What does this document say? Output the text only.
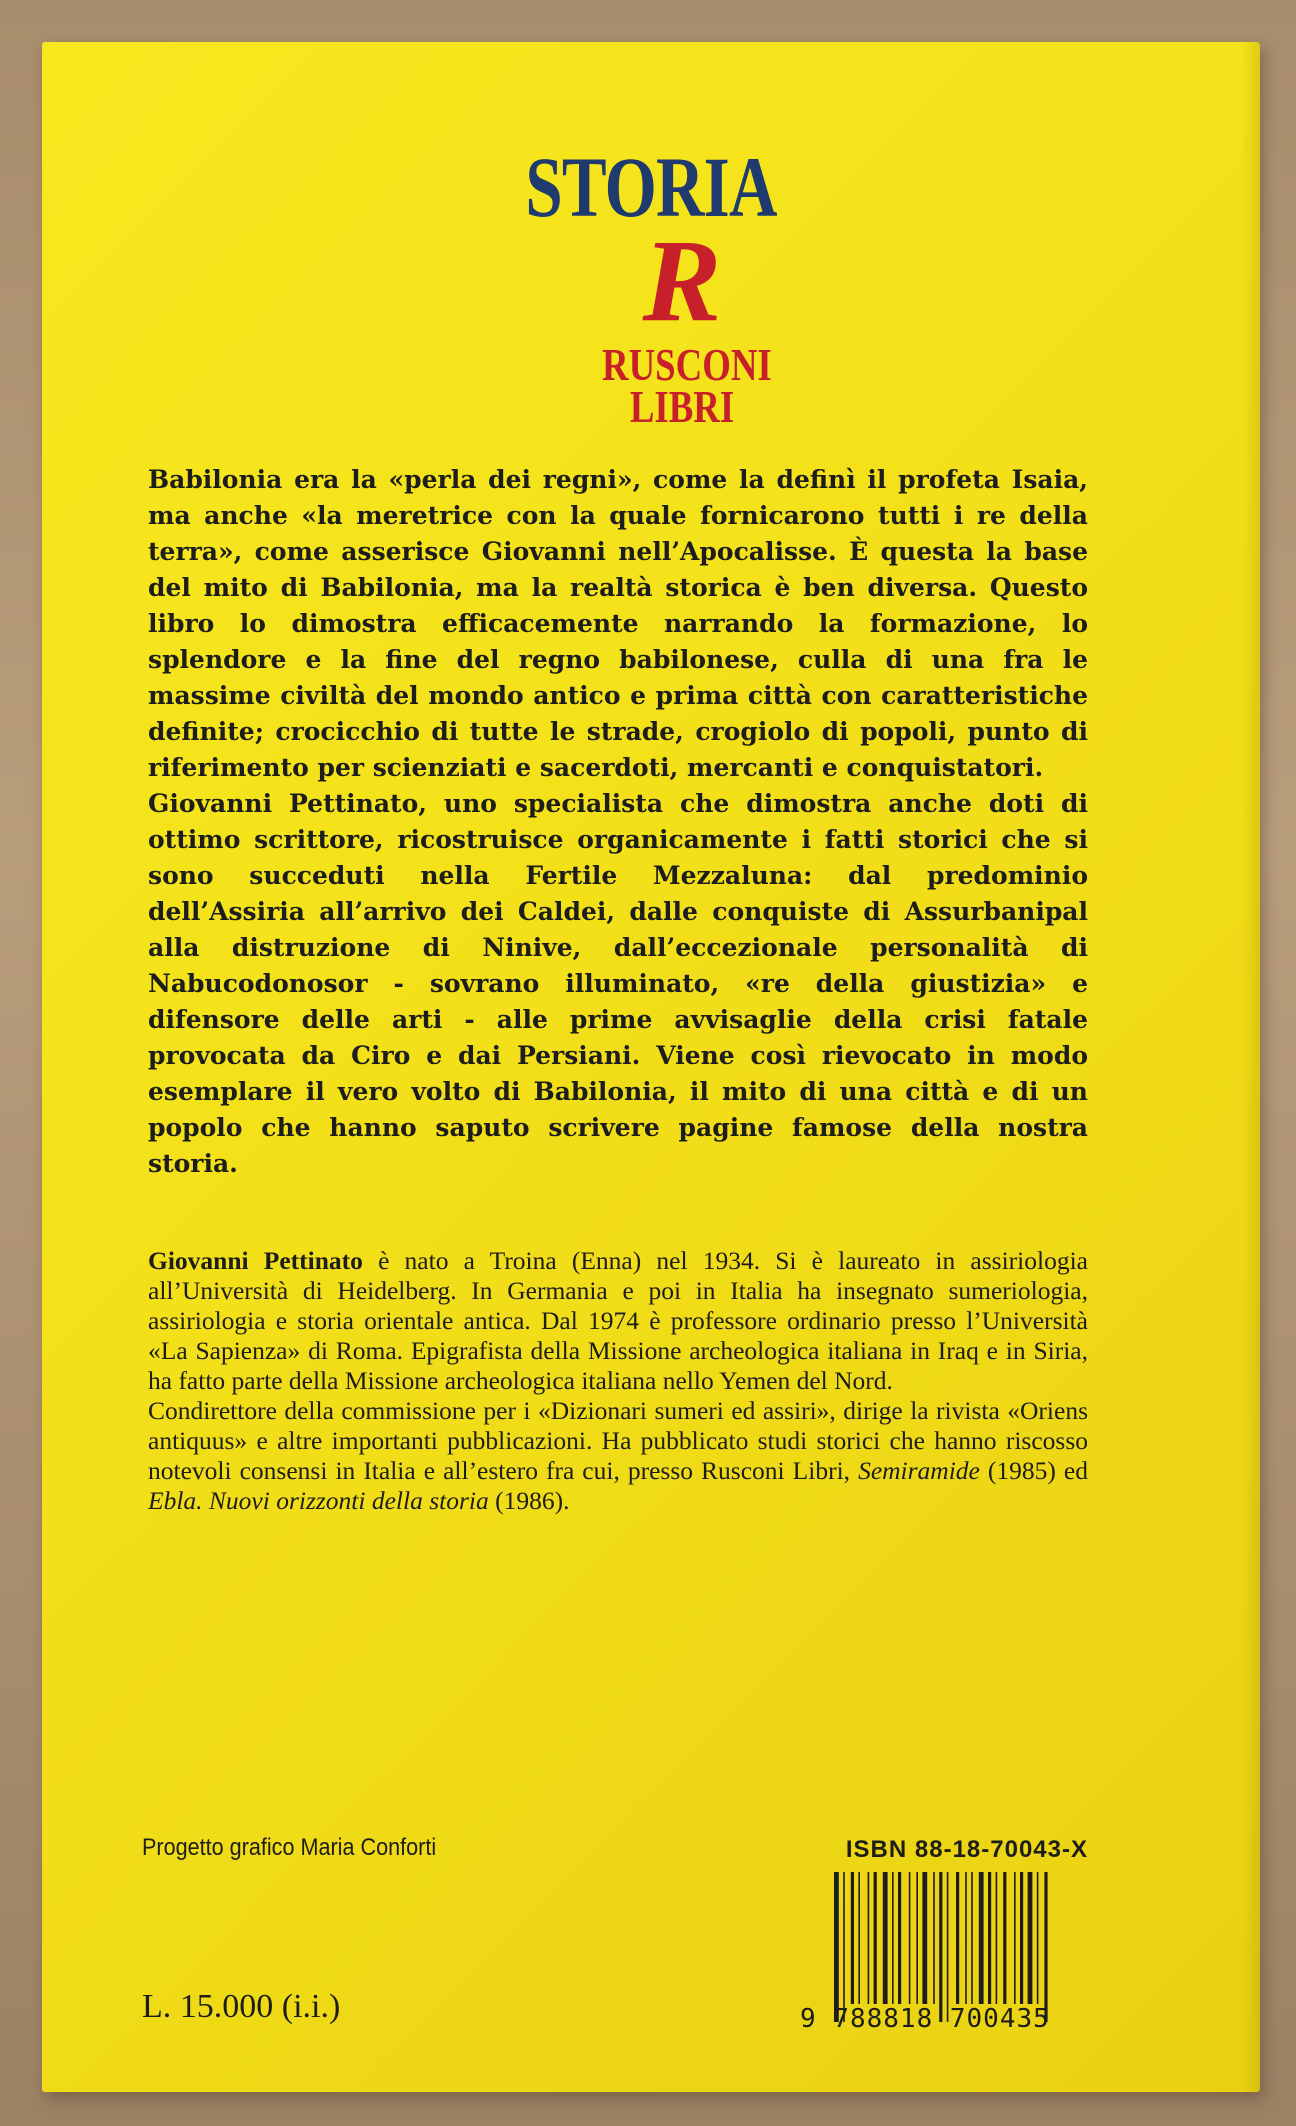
STORIA
R
RUSCONI
LIBRI

Babilonia era la «perla dei regni», come la definì il profeta Isaia, ma anche «la meretrice con la quale fornicarono tutti i re della terra», come asserisce Giovanni nell’Apocalisse. È questa la base del mito di Babilonia, ma la realtà storica è ben diversa. Questo libro lo dimostra efficacemente narrando la formazione, lo splendore e la fine del regno babilonese, culla di una fra le massime civiltà del mondo antico e prima città con caratteristiche definite; crocicchio di tutte le strade, crogiolo di popoli, punto di riferimento per scienziati e sacerdoti, mercanti e conquistatori.

Giovanni Pettinato, uno specialista che dimostra anche doti di ottimo scrittore, ricostruisce organicamente i fatti storici che si sono succeduti nella Fertile Mezzaluna: dal predominio dell’Assiria all’arrivo dei Caldei, dalle conquiste di Assurbanipal alla distruzione di Ninive, dall’eccezionale personalità di Nabucodonosor - sovrano illuminato, «re della giustizia» e difensore delle arti - alle prime avvisaglie della crisi fatale provocata da Ciro e dai Persiani. Viene così rievocato in modo esemplare il vero volto di Babilonia, il mito di una città e di un popolo che hanno saputo scrivere pagine famose della nostra storia.

Giovanni Pettinato è nato a Troina (Enna) nel 1934. Si è laureato in assiriologia all’Università di Heidelberg. In Germania e poi in Italia ha insegnato sumeriologia, assiriologia e storia orientale antica. Dal 1974 è professore ordinario presso l’Università «La Sapienza» di Roma. Epigrafista della Missione archeologica italiana in Iraq e in Siria, ha fatto parte della Missione archeologica italiana nello Yemen del Nord.

Condirettore della commissione per i «Dizionari sumeri ed assiri», dirige la rivista «Oriens antiquus» e altre importanti pubblicazioni. Ha pubblicato studi storici che hanno riscosso notevoli consensi in Italia e all’estero fra cui, presso Rusconi Libri, Semiramide (1985) ed Ebla. Nuovi orizzonti della storia (1986).

Progetto grafico Maria Conforti
L. 15.000 (i.i.)
ISBN 88-18-70043-X
9 788818 700435
